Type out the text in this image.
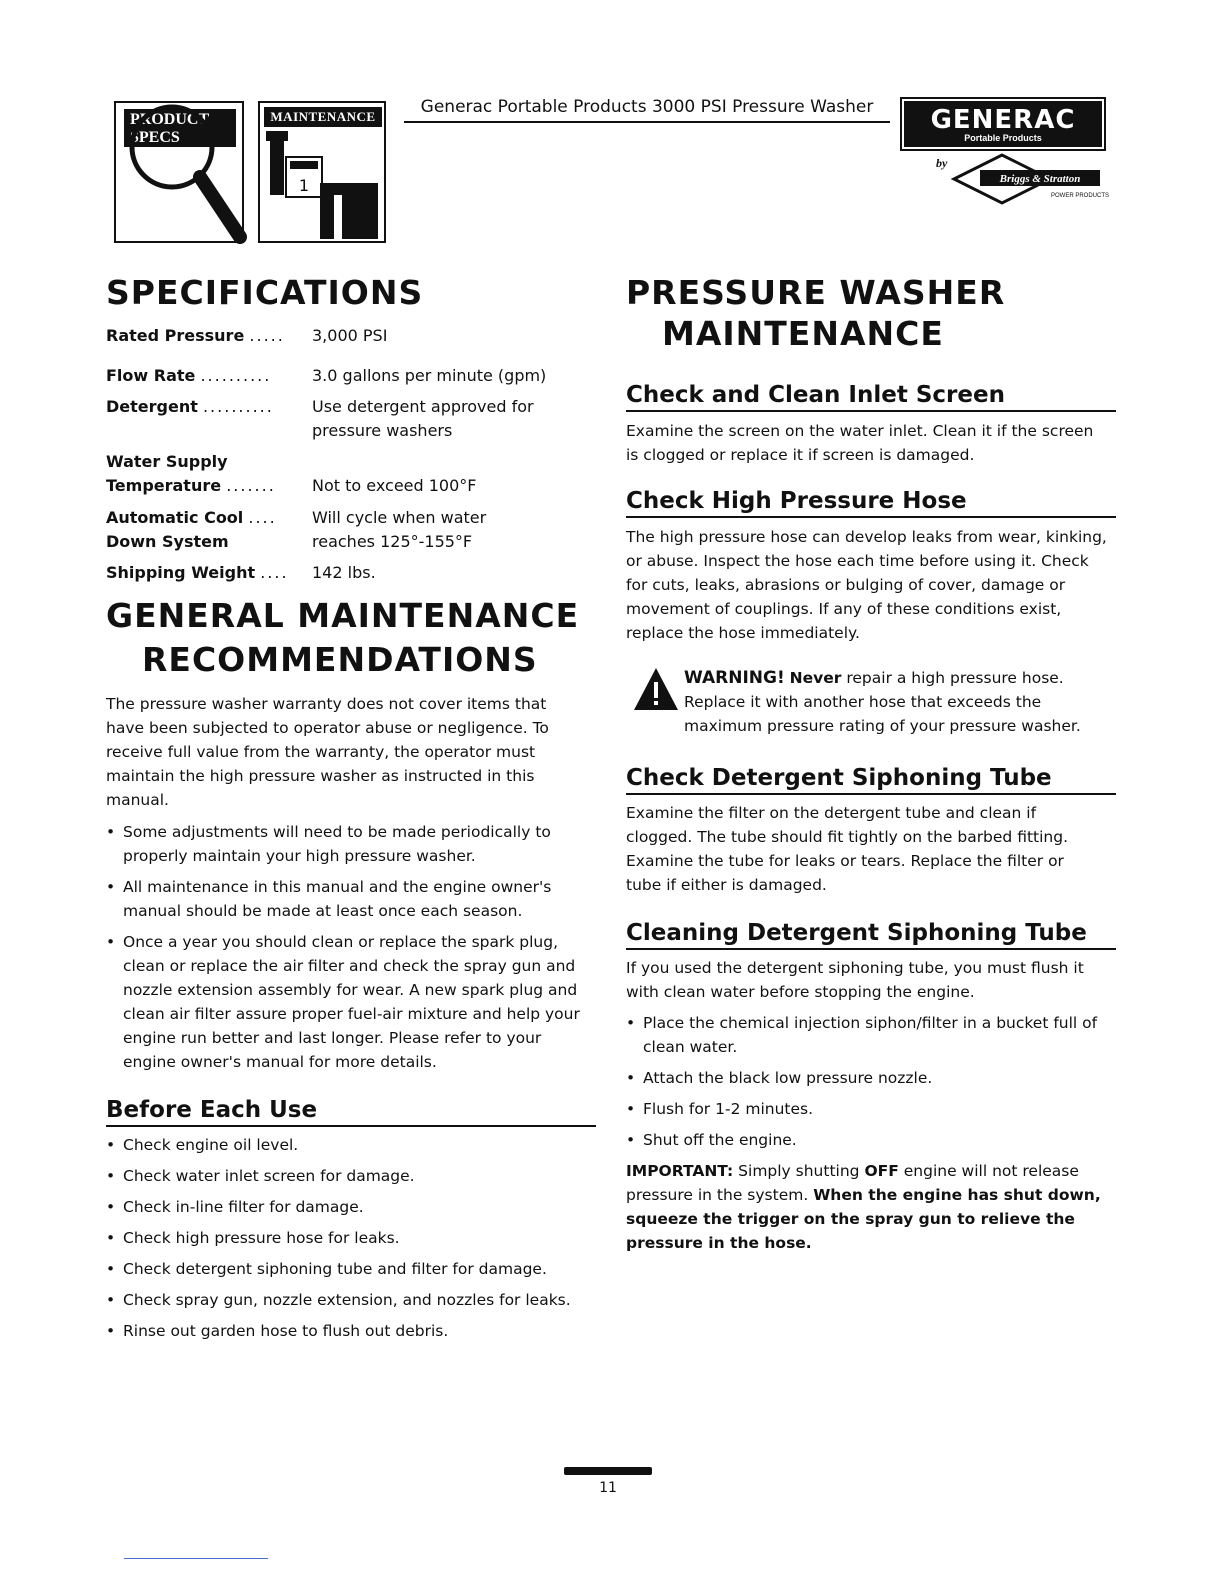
PRODUCT SPECS
MAINTENANCE
1
Generac Portable Products 3000 PSI Pressure Washer	GENERAC
Portable Products
by
Briggs & Stratton
POWER PRODUCTS
SPECIFICATIONS
Rated Pressure ..... 3,000 PSI
Flow Rate ..........	3.0 gallons per minute (gpm)
Detergent .......... Use detergent approved for
pressure washers
Water Supply
Temperature ....... Not to exceed 100°F
Automatic Cool .... Will cycle when water
Down System	reaches 125°-155°F
Shipping Weight .... 142 lbs.
GENERAL MAINTENANCE
RECOMMENDATIONS
The pressure washer warranty does not cover items that have been subjected to operator abuse or negligence. To receive full value from the warranty, the operator must maintain the high pressure washer as instructed in this manual.
• Some adjustments will need to be made periodically to properly maintain your high pressure washer.
• All maintenance in this manual and the engine owner's manual should be made at least once each season.
• Once a year you should clean or replace the spark plug, clean or replace the air filter and check the spray gun and nozzle extension assembly for wear. A new spark plug and clean air filter assure proper fuel-air mixture and help your engine run better and last longer. Please refer to your engine owner's manual for more details.
Before Each Use
• Check engine oil level.
• Check water inlet screen for damage.
• Check in-line filter for damage.
• Check high pressure hose for leaks.
• Check detergent siphoning tube and filter for damage.
• Check spray gun, nozzle extension, and nozzles for leaks.
• Rinse out garden hose to flush out debris.
PRESSURE WASHER
MAINTENANCE
Check and Clean Inlet Screen
Examine the screen on the water inlet. Clean it if the screen is clogged or replace it if screen is damaged.
Check High Pressure Hose
The high pressure hose can develop leaks from wear, kinking, or abuse. Inspect the hose each time before using it. Check for cuts, leaks, abrasions or bulging of cover, damage or movement of couplings. If any of these conditions exist, replace the hose immediately.
WARNING! Never repair a high pressure hose. Replace it with another hose that exceeds the maximum pressure rating of your pressure washer.
Check Detergent Siphoning Tube
Examine the filter on the detergent tube and clean if clogged. The tube should fit tightly on the barbed fitting. Examine the tube for leaks or tears. Replace the filter or tube if either is damaged.
Cleaning Detergent Siphoning Tube
If you used the detergent siphoning tube, you must flush it with clean water before stopping the engine.
• Place the chemical injection siphon/filter in a bucket full of clean water.
• Attach the black low pressure nozzle.
• Flush for 1-2 minutes.
• Shut off the engine.
IMPORTANT: Simply shutting OFF engine will not release pressure in the system. When the engine has shut down, squeeze the trigger on the spray gun to relieve the pressure in the hose.
11
